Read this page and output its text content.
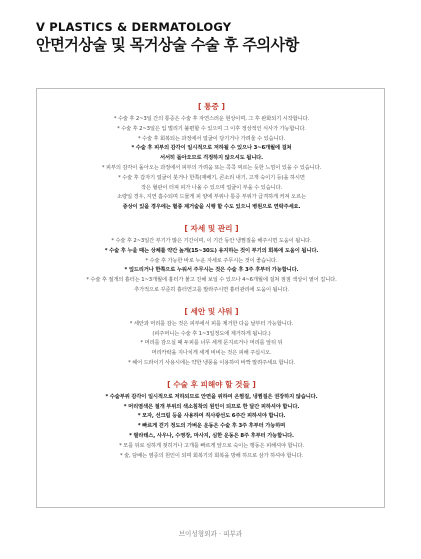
V PLASTICS & DERMATOLOGY
안면거상술 및 목거상술 수술 후 주의사항
[ 통증 ]
* 수술 후 2~3일 간의 통증은 수술 후 자연스러운 현상이며, 그 후 완화되기 시작합니다.
* 수술 후 2~3일은 입 벌리기 불편할 수 있으며 그 이후 정상적인 식사가 가능합니다.
* 수술 후 회복되는 과정에서 얼굴이 당기거나 가려울 수 있습니다.
* 수술 후 피부의 감각이 일시적으로 저하될 수 있으나 3~6개월에 걸쳐
서서히 돌아오므로 걱정하지 않으셔도 됩니다.
* 피부의 감각이 돌아오는 과정에서 피부의 가려움 또는 콕콕 찌르는 듯한 느낌이 있을 수 있습니다.
* 수술 후 갑자기 얼굴이 붓거나 한쪽(재배기, 콘소리 내기, 고개 숙이기 등)을 하시면
작은 혈관이 터져 피가 나올 수 있으며 얼굴이 부을 수 있습니다.
소량일 경우, 지연 흡수되며 드물게 피 양에 부위나 통증 부위가 급격하게 커져 오르는
증상이 있을 경우에는 혈종 제거술을 시행 할 수도 있으니 병원으로 연락주세요.
[ 자세 및 관리 ]
* 수술 후 2~3일간 부기가 많은 기간이며, 이 기간 동안 냉찜질을 해주시면 도움이 됩니다.
* 수술 후 누울 때는 상체를 약간 높게(15~30도) 유지하는 것이 부기의 회복에 도움이 됩니다.
* 수술 후 가능한 바로 누운 자세로 주무시는 것이 좋습니다.
* 엎드리거나 한쪽으로 누워서 주무시는 것은 수술 후 3주 후부터 가능합니다.
* 수술 후 절개의 흉터는 1~3개월에 흉터가 붉고 진해 보일 수 있으나 4~6개월에 걸쳐 점점 색상이 옅어 집니다.
추가적으로 꾸준히 흉터연고를 발라주시면 흉터관리에 도움이 됩니다.
[ 세안 및 샤워 ]
* 세안과 머리를 감는 것은 피부에서 피를 제거한 다음 날부터 가능합니다.
(피주머니는 수술 후 1~3일정도에 제거하게 됩니다.)
* 머리를 감으실 때 두피를 너무 세게 문지르거나 머리를 앞뒤 뒤
머리카락을 지나치게 세게 비비는 것은 피해 주십시오.
* 헤어 드라이기 사용시에는 약한 냉풍을 이용하여 바짝 말려주세요 합니다.
[ 수술 후 피해야 할 것들 ]
* 수술부위 감각이 일시적으로 저하되므로 안면을 위하여 온찜질, 냉찜질은 권장하지 않습니다.
* 머리염색은 절개 부위의 색소침착의 원인이 되므로 한 달간 피하셔야 합니다.
* 모자, 선크림 등을 사용하여 직사광선도 6주간 피하셔야 합니다.
* 빠르게 걷기 정도의 가벼운 운동은 수술 후 3주 후부터 가능하며
* 필라테스, 사우나, 수영장, 마사지, 심한 운동은 8주 후부터 가능합니다.
* 모를 뒤로 심하게 젖히거나 고개를 빠르게 앞으로 숙이는 행동은 피해셔야 합니다.
* 술, 담배는 염증의 원인이 되며 회복기의 회복을 방해 하므로 삼가 하셔야 합니다.
브이성형외과 · 피부과
